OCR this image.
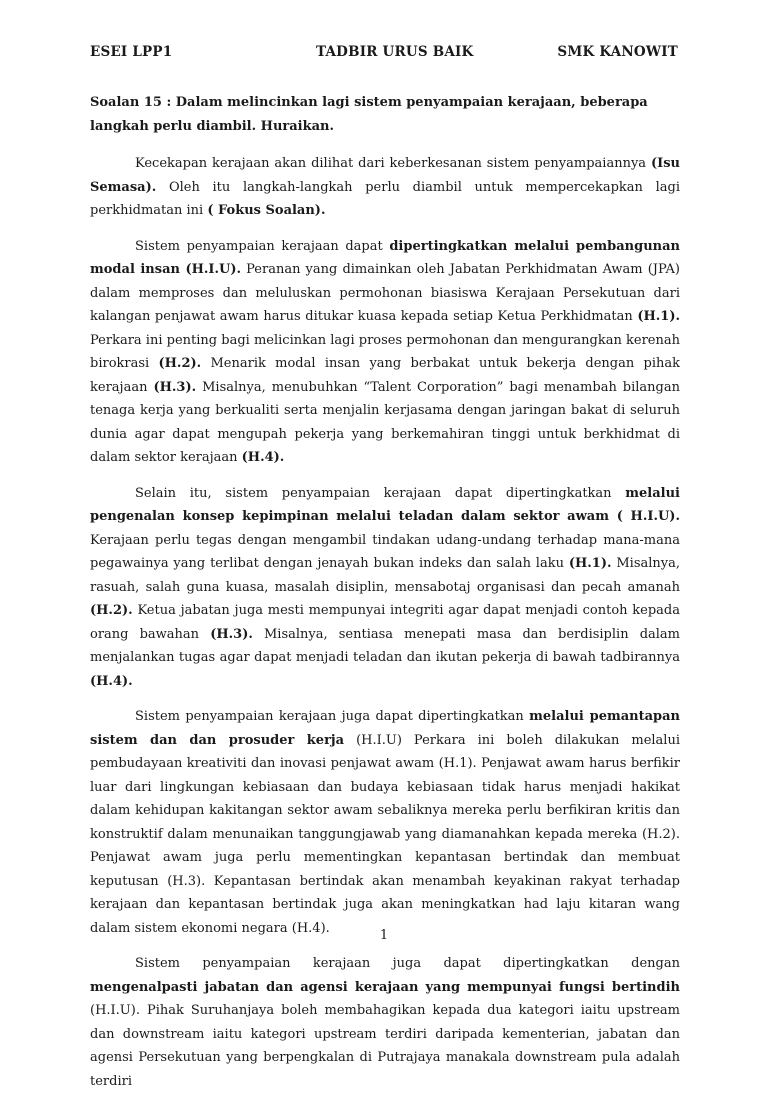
ESEI LPP1	TADBIR URUS BAIK	SMK KANOWIT

Soalan 15 : Dalam melincinkan lagi sistem penyampaian kerajaan, beberapa langkah perlu diambil. Huraikan.

Kecekapan kerajaan akan dilihat dari keberkesanan sistem penyampaiannya (Isu Semasa). Oleh itu langkah-langkah perlu diambil untuk mempercekapkan lagi perkhidmatan ini ( Fokus Soalan).

Sistem penyampaian kerajaan dapat dipertingkatkan melalui pembangunan modal insan (H.I.U). Peranan yang dimainkan oleh Jabatan Perkhidmatan Awam (JPA) dalam memproses dan meluluskan permohonan biasiswa Kerajaan Persekutuan dari kalangan penjawat awam harus ditukar kuasa kepada setiap Ketua Perkhidmatan (H.1). Perkara ini penting bagi melicinkan lagi proses permohonan dan mengurangkan kerenah birokrasi (H.2). Menarik modal insan yang berbakat untuk bekerja dengan pihak kerajaan (H.3). Misalnya, menubuhkan “Talent Corporation” bagi menambah bilangan tenaga kerja yang berkualiti serta menjalin kerjasama dengan jaringan bakat di seluruh dunia agar dapat mengupah pekerja yang berkemahiran tinggi untuk berkhidmat di dalam sektor kerajaan (H.4).

Selain itu, sistem penyampaian kerajaan dapat dipertingkatkan melalui pengenalan konsep kepimpinan melalui teladan dalam sektor awam ( H.I.U). Kerajaan perlu tegas dengan mengambil tindakan udang-undang terhadap mana-mana pegawainya yang terlibat dengan jenayah bukan indeks dan salah laku (H.1). Misalnya, rasuah, salah guna kuasa, masalah disiplin, mensabotaj organisasi dan pecah amanah (H.2). Ketua jabatan juga mesti mempunyai integriti agar dapat menjadi contoh kepada orang bawahan (H.3). Misalnya, sentiasa menepati masa dan berdisiplin dalam menjalankan tugas agar dapat menjadi teladan dan ikutan pekerja di bawah tadbirannya (H.4).

Sistem penyampaian kerajaan juga dapat dipertingkatkan melalui pemantapan sistem dan dan prosuder kerja (H.I.U) Perkara ini boleh dilakukan melalui pembudayaan kreativiti dan inovasi penjawat awam (H.1). Penjawat awam harus berfikir luar dari lingkungan kebiasaan dan budaya kebiasaan tidak harus menjadi hakikat dalam kehidupan kakitangan sektor awam sebaliknya mereka perlu berfikiran kritis dan konstruktif dalam menunaikan tanggungjawab yang diamanahkan kepada mereka (H.2). Penjawat awam juga perlu mementingkan kepantasan bertindak dan membuat keputusan (H.3). Kepantasan bertindak akan menambah keyakinan rakyat terhadap kerajaan dan kepantasan bertindak juga akan meningkatkan had laju kitaran wang dalam sistem ekonomi negara (H.4).

Sistem penyampaian kerajaan juga dapat dipertingkatkan dengan mengenalpasti jabatan dan agensi kerajaan yang mempunyai fungsi bertindih (H.I.U). Pihak Suruhanjaya boleh membahagikan kepada dua kategori iaitu upstream dan downstream iaitu kategori upstream terdiri daripada kementerian, jabatan dan agensi Persekutuan yang berpengkalan di Putrajaya manakala downstream pula adalah terdiri

1
